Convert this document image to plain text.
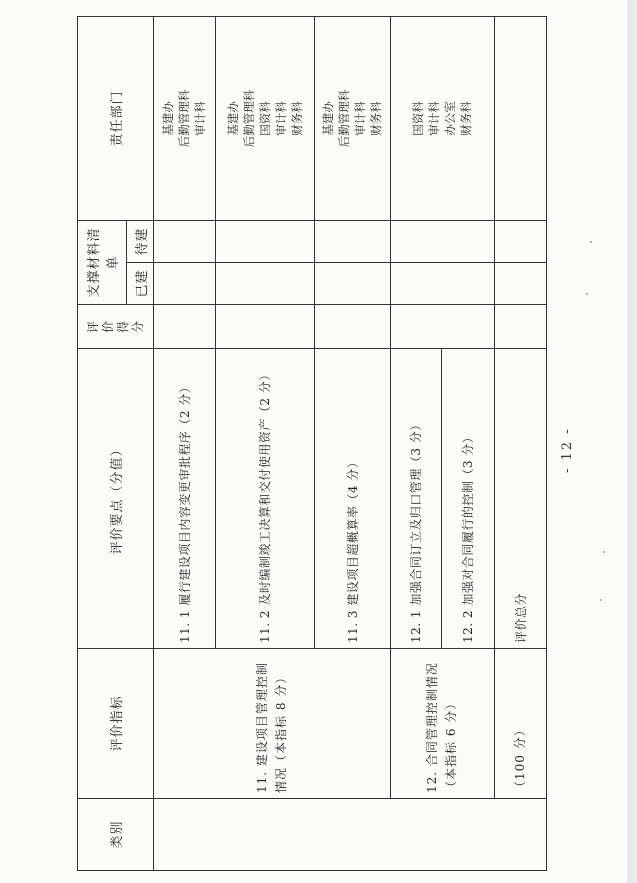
类别	评价指标	评价要点（分值）	评价得分	支撑材料清单		责任部门
				已建	待建	
	11. 建设项目管理控制情况（本指标 8 分）	11. 1 履行建设项目内容变更审批程序（2 分）				基建办 后勤管理科 审计科

		11. 2 及时编制竣工决算和交付使用资产（2 分）				基建办 后勤管理科 国资科 审计科 财务科

		11. 3 建设项目超概算率（4 分）				基建办 后勤管理科 审计科 财务科

	12. 合同管理控制情况（本指标 6 分）	12. 1 加强合同订立及归口管理（3 分）				国资科 审计科 办公室 财务科

		12. 2 加强对合同履行的控制（3 分）				
	（100 分）	评价总分				
- 12 -
